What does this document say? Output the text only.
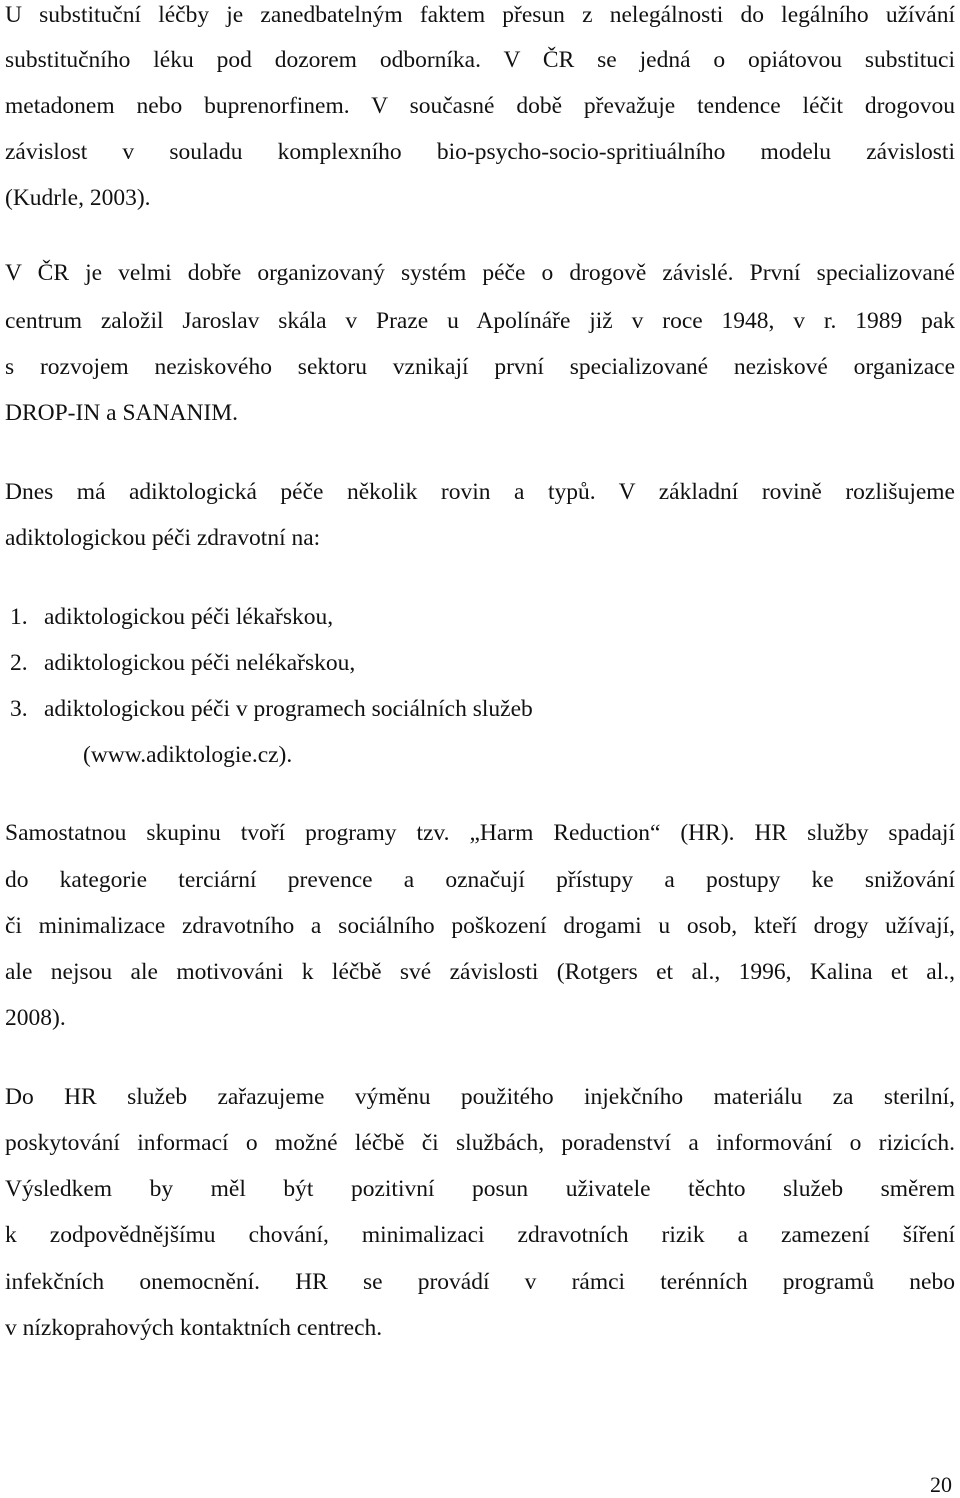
U substituční léčby je zanedbatelným faktem přesun z nelegálnosti do legálního užívání
substitučního léku pod dozorem odborníka. V ČR se jedná o opiátovou substituci
metadonem nebo buprenorfinem. V současné době převažuje tendence léčit drogovou
závislost v souladu komplexního bio-psycho-socio-spritiuálního modelu závislosti
(Kudrle, 2003).
V ČR je velmi dobře organizovaný systém péče o drogově závislé. První specializované
centrum založil Jaroslav skála v Praze u Apolínáře již v roce 1948, v r. 1989 pak
s rozvojem neziskového sektoru vznikají první specializované neziskové organizace
DROP-IN a SANANIM.
Dnes má adiktologická péče několik rovin a typů. V základní rovině rozlišujeme
adiktologickou péči zdravotní na:
1. adiktologickou péči lékařskou,
2. adiktologickou péči nelékařskou,
3. adiktologickou péči v programech sociálních služeb
(www.adiktologie.cz).
Samostatnou skupinu tvoří programy tzv. „Harm Reduction“ (HR). HR služby spadají
do kategorie terciární prevence a označují přístupy a postupy ke snižování
či minimalizace zdravotního a sociálního poškození drogami u osob, kteří drogy užívají,
ale nejsou ale motivováni k léčbě své závislosti (Rotgers et al., 1996, Kalina et al.,
2008).
Do HR služeb zařazujeme výměnu použitého injekčního materiálu za sterilní,
poskytování informací o možné léčbě či službách, poradenství a informování o rizicích.
Výsledkem by měl být pozitivní posun uživatele těchto služeb směrem
k zodpovědnějšímu chování, minimalizaci zdravotních rizik a zamezení šíření
infekčních onemocnění. HR se provádí v rámci terénních programů nebo
v nízkoprahových kontaktních centrech.
20
